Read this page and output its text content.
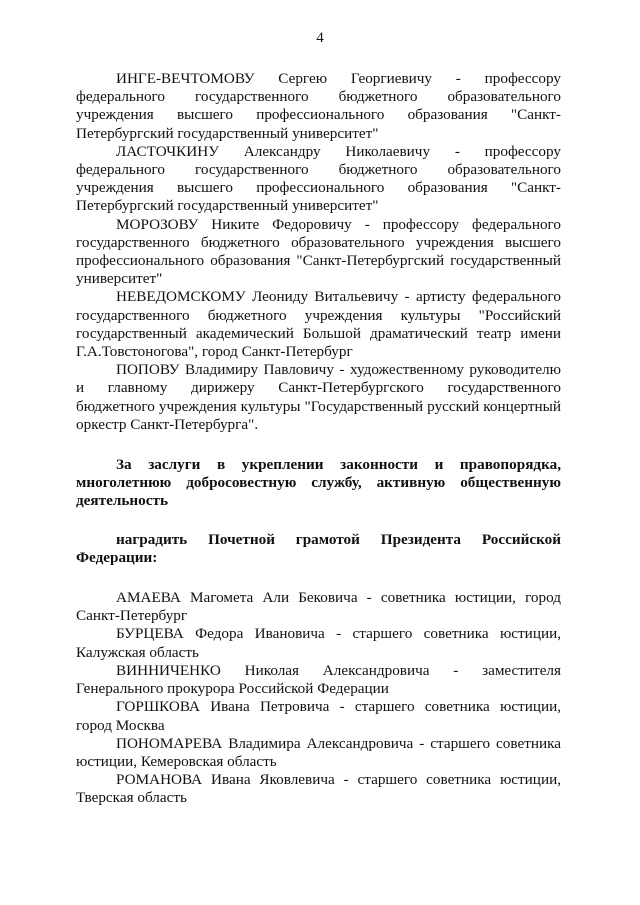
4

ИНГЕ-ВЕЧТОМОВУ Сергею Георгиевичу - профессору федерального государственного бюджетного образовательного учреждения высшего профессионального образования "Санкт-Петербургский государственный университет"

ЛАСТОЧКИНУ Александру Николаевичу - профессору федерального государственного бюджетного образовательного учреждения высшего профессионального образования "Санкт-Петербургский государственный университет"

МОРОЗОВУ Никите Федоровичу - профессору федерального государственного бюджетного образовательного учреждения высшего профессионального образования "Санкт-Петербургский государственный университет"

НЕВЕДОМСКОМУ Леониду Витальевичу - артисту федерального государственного бюджетного учреждения культуры "Российский государственный академический Большой драматический театр имени Г.А.Товстоногова", город Санкт-Петербург

ПОПОВУ Владимиру Павловичу - художественному руководителю и главному дирижеру Санкт-Петербургского государственного бюджетного учреждения культуры "Государственный русский концертный оркестр Санкт-Петербурга".

За заслуги в укреплении законности и правопорядка, многолетнюю добросовестную службу, активную общественную деятельность

наградить Почетной грамотой Президента Российской Федерации:

АМАЕВА Магомета Али Бековича - советника юстиции, город Санкт-Петербург

БУРЦЕВА Федора Ивановича - старшего советника юстиции, Калужская область

ВИННИЧЕНКО Николая Александровича - заместителя Генерального прокурора Российской Федерации

ГОРШКОВА Ивана Петровича - старшего советника юстиции, город Москва

ПОНОМАРЕВА Владимира Александровича - старшего советника юстиции, Кемеровская область

РОМАНОВА Ивана Яковлевича - старшего советника юстиции, Тверская область
